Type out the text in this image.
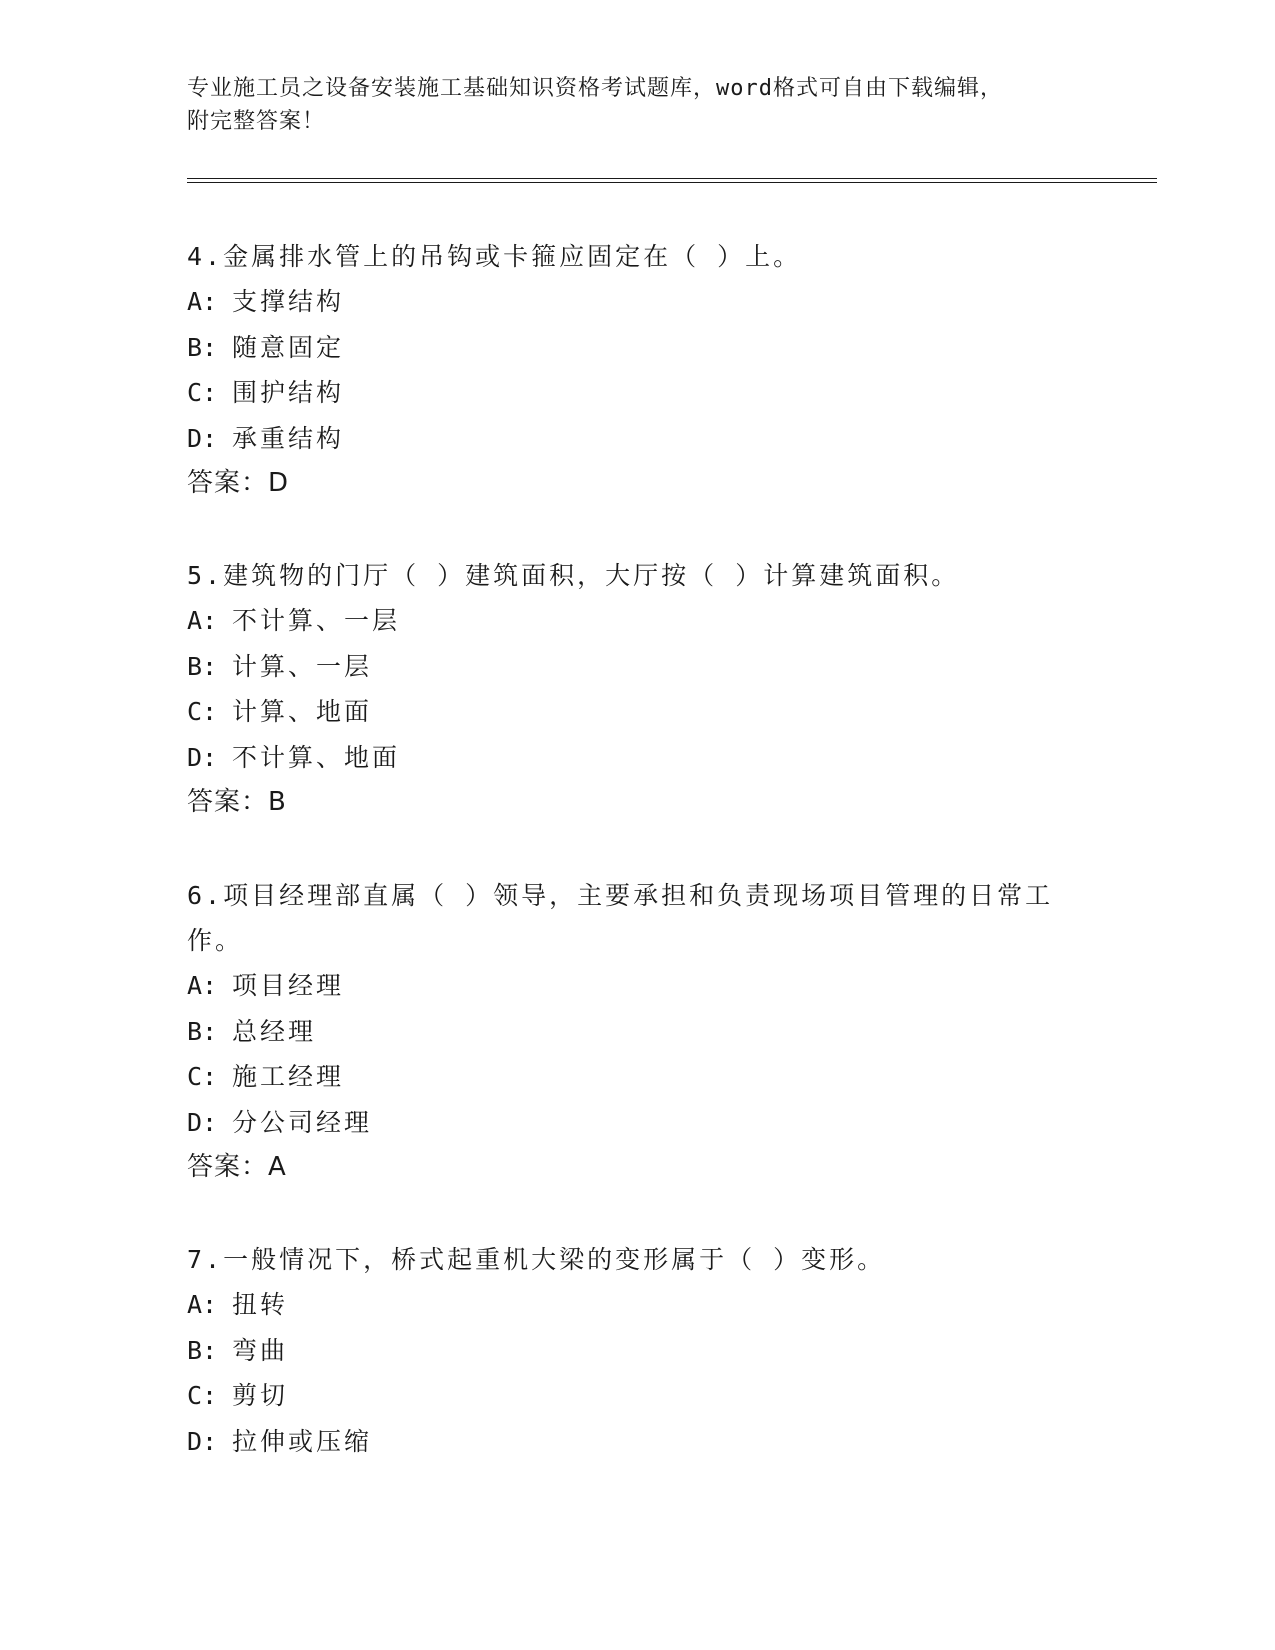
专业施工员之设备安装施工基础知识资格考试题库，word格式可自由下载编辑，
附完整答案！

4.金属排水管上的吊钩或卡箍应固定在（ ）上。

A: 支撑结构

B: 随意固定

C: 围护结构

D: 承重结构

答案：D

5.建筑物的门厅（ ）建筑面积，大厅按（ ）计算建筑面积。

A: 不计算、一层

B: 计算、一层

C: 计算、地面

D: 不计算、地面

答案：B

6.项目经理部直属（ ）领导，主要承担和负责现场项目管理的日常工

作。

A: 项目经理

B: 总经理

C: 施工经理

D: 分公司经理

答案：A

7.一般情况下，桥式起重机大梁的变形属于（ ）变形。

A: 扭转

B: 弯曲

C: 剪切

D: 拉伸或压缩
